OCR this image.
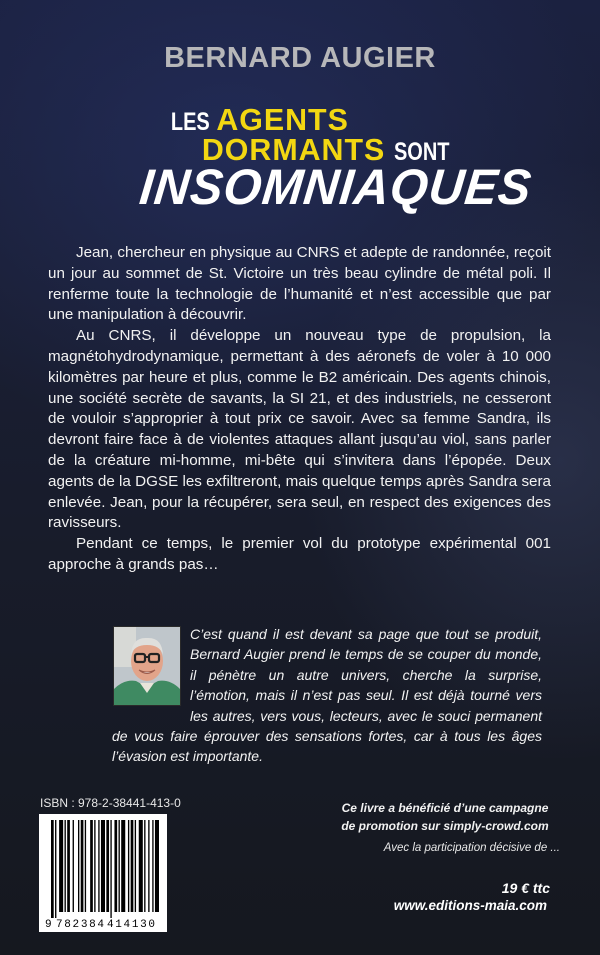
BERNARD AUGIER
LES AGENTS
DORMANTS SONT
INSOMNIAQUES

Jean, chercheur en physique au CNRS et adepte de randonnée, reçoit un jour au sommet de St. Victoire un très beau cylindre de métal poli. Il renferme toute la technologie de l’humanité et n’est accessible que par une manipulation à découvrir.

Au CNRS, il développe un nouveau type de propulsion, la magnétohydrodynamique, permettant à des aéronefs de voler à 10 000 kilomètres par heure et plus, comme le B2 américain. Des agents chinois, une société secrète de savants, la SI 21, et des industriels, ne cesseront de vouloir s’approprier à tout prix ce savoir. Avec sa femme Sandra, ils devront faire face à de violentes attaques allant jusqu’au viol, sans parler de la créature mi-homme, mi-bête qui s’invitera dans l’épopée. Deux agents de la DGSE les exfiltreront, mais quelque temps après Sandra sera enlevée. Jean, pour la récupérer, sera seul, en respect des exigences des ravisseurs.

Pendant ce temps, le premier vol du prototype expérimental 001 approche à grands pas…

C’est quand il est devant sa page que tout se produit, Bernard Augier prend le temps de se couper du monde, il pénètre un autre univers, cherche la surprise, l’émotion, mais il n’est pas seul. Il est déjà tourné vers les autres, vers vous, lecteurs, avec le souci permanent de vous faire éprouver des sensations fortes, car à tous les âges l’évasion est importante.
ISBN : 978-2-38441-413-0
9 782384 414130
Ce livre a bénéficié d’une campagne
de promotion sur simply-crowd.com
Avec la participation décisive de ...
19 € ttc
www.editions-maia.com
